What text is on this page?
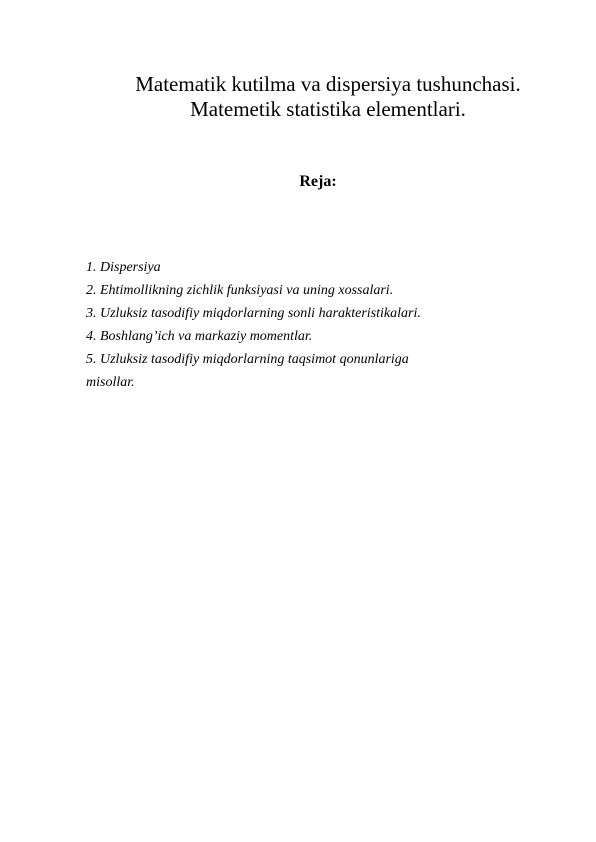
Matematik kutilma va dispersiya tushunchasi.
Matemetik statistika elementlari.
Reja:
1. Dispersiya
2. Ehtimollikning zichlik funksiyasi va uning xossalari.
3. Uzluksiz tasodifiy miqdorlarning sonli harakteristikalari.
4. Boshlang’ich va markaziy momentlar.
5. Uzluksiz tasodifiy miqdorlarning taqsimot qonunlariga
misollar.
